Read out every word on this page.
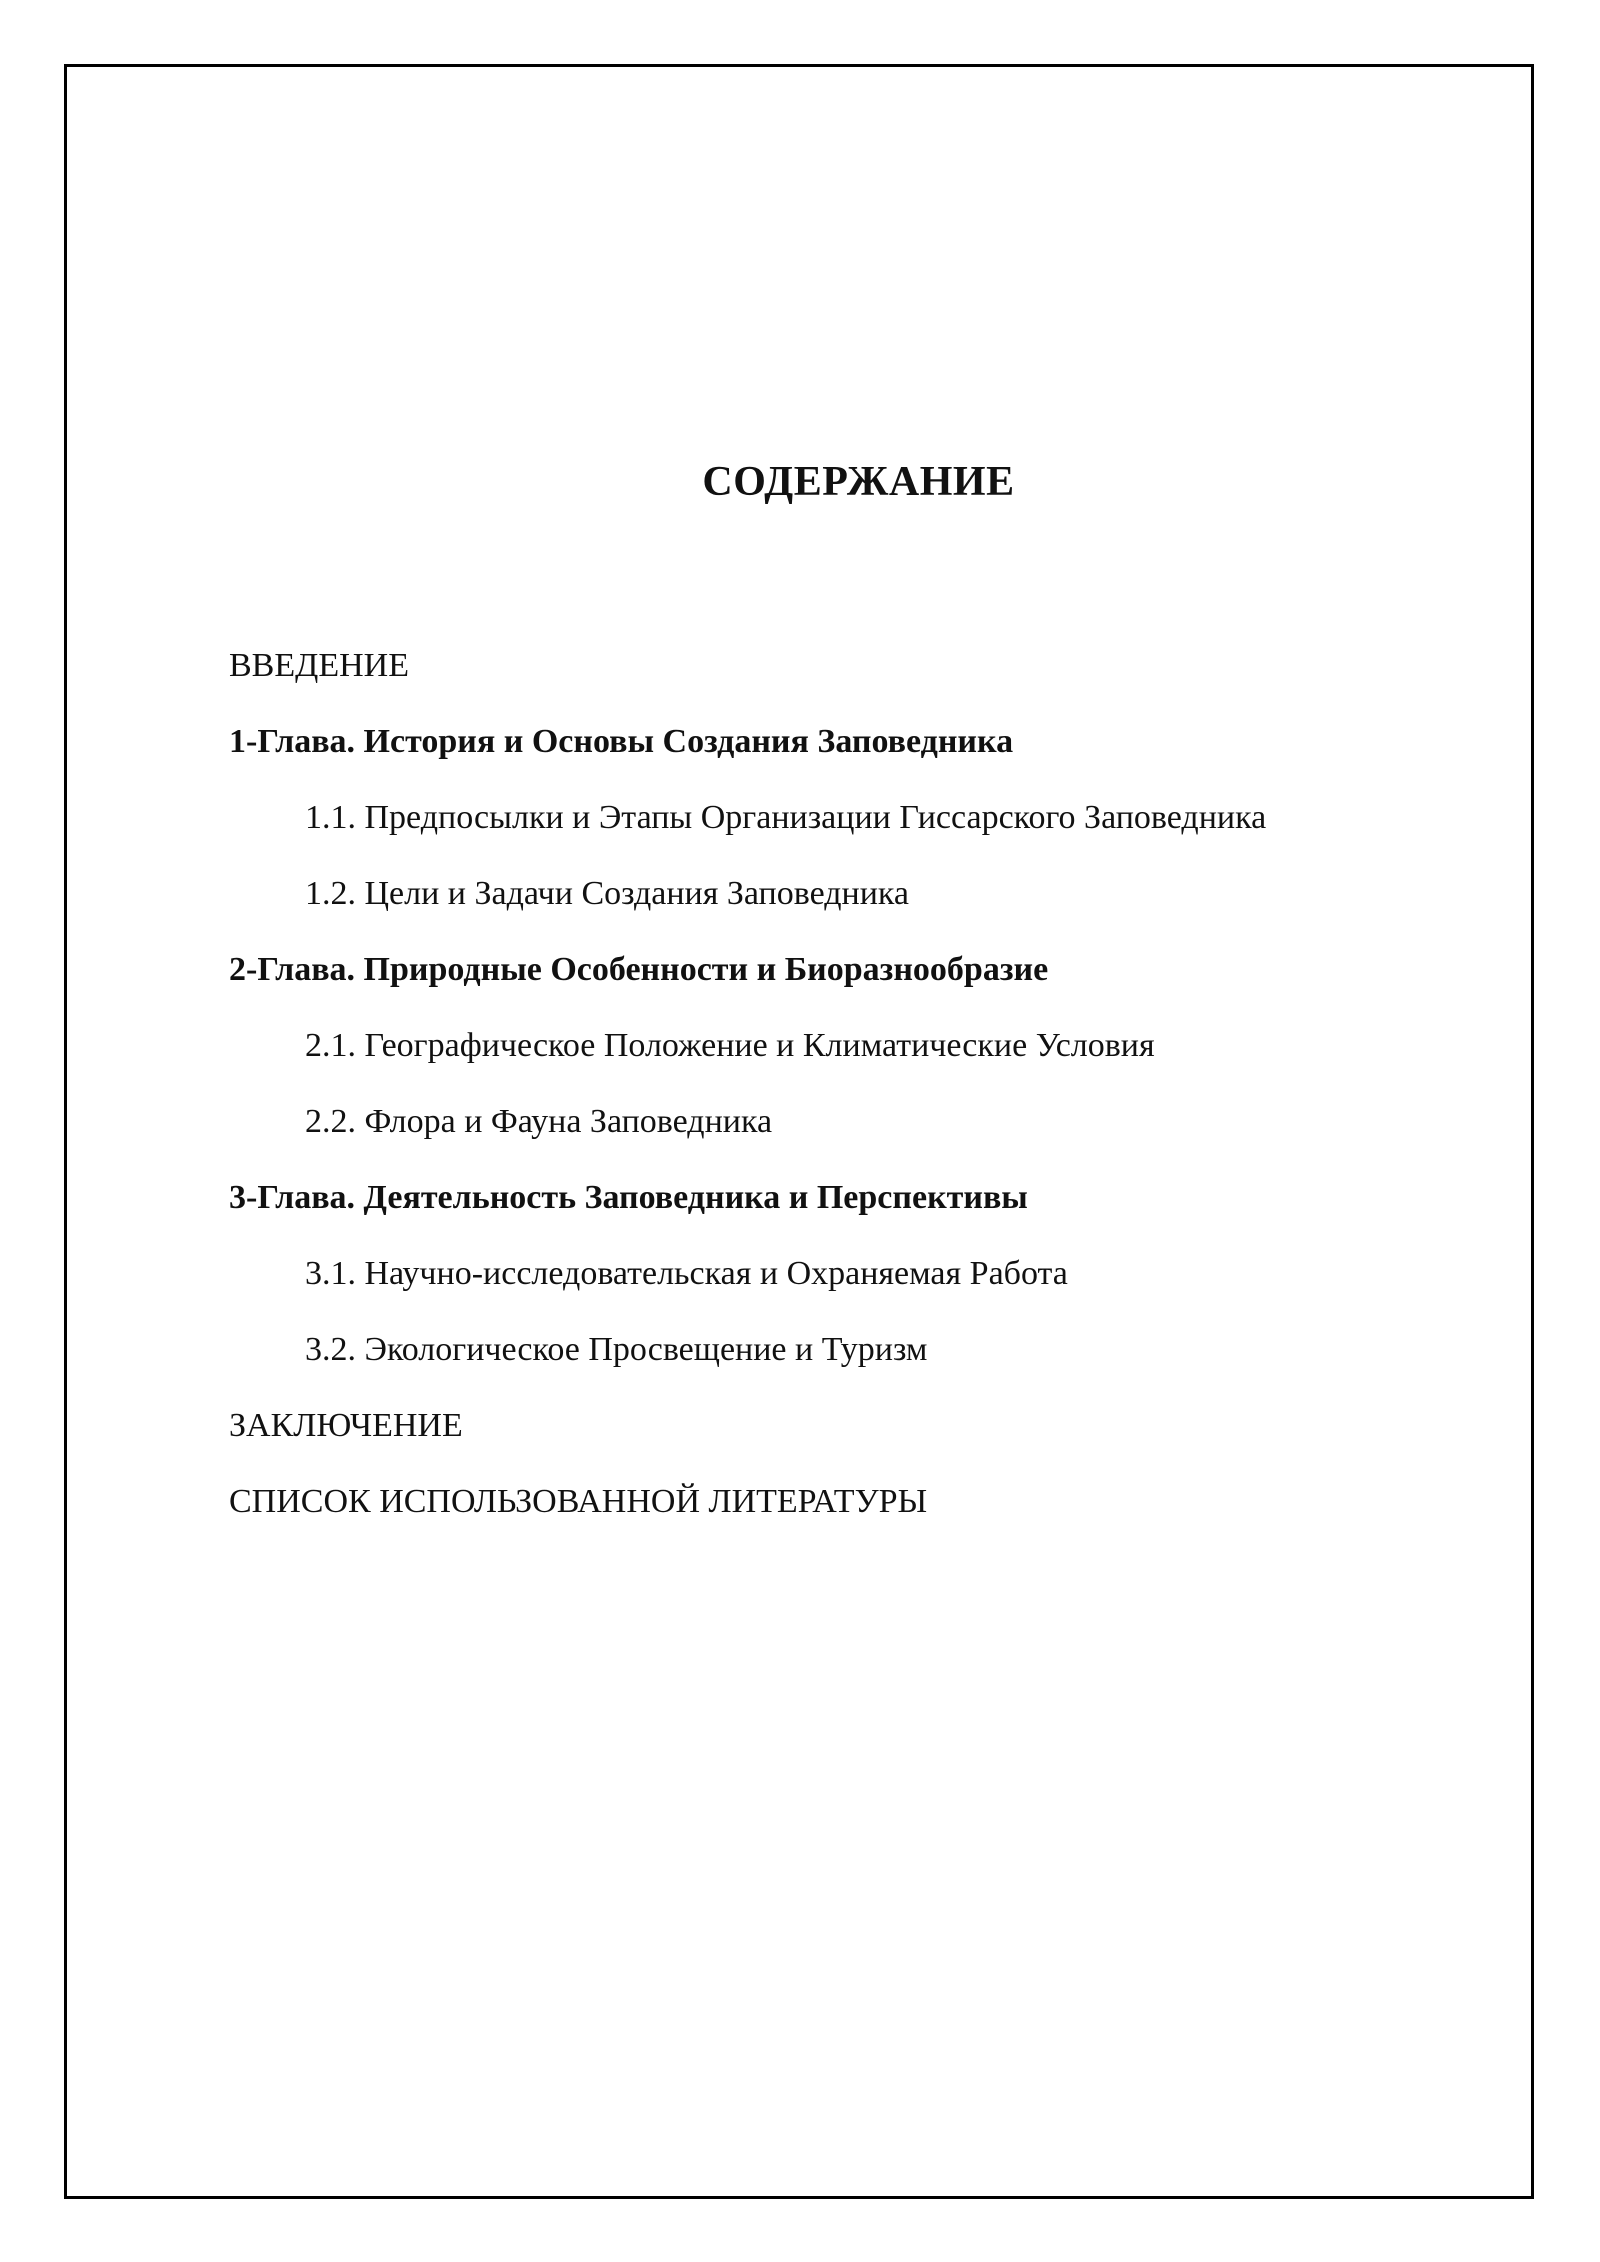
СОДЕРЖАНИЕ
ВВЕДЕНИЕ
1-Глава. История и Основы Создания Заповедника
1.1. Предпосылки и Этапы Организации Гиссарского Заповедника
1.2. Цели и Задачи Создания Заповедника
2-Глава. Природные Особенности и Биоразнообразие
2.1. Географическое Положение и Климатические Условия
2.2. Флора и Фауна Заповедника
3-Глава. Деятельность Заповедника и Перспективы
3.1. Научно-исследовательская и Охраняемая Работа
3.2. Экологическое Просвещение и Туризм
ЗАКЛЮЧЕНИЕ
СПИСОК ИСПОЛЬЗОВАННОЙ ЛИТЕРАТУРЫ
